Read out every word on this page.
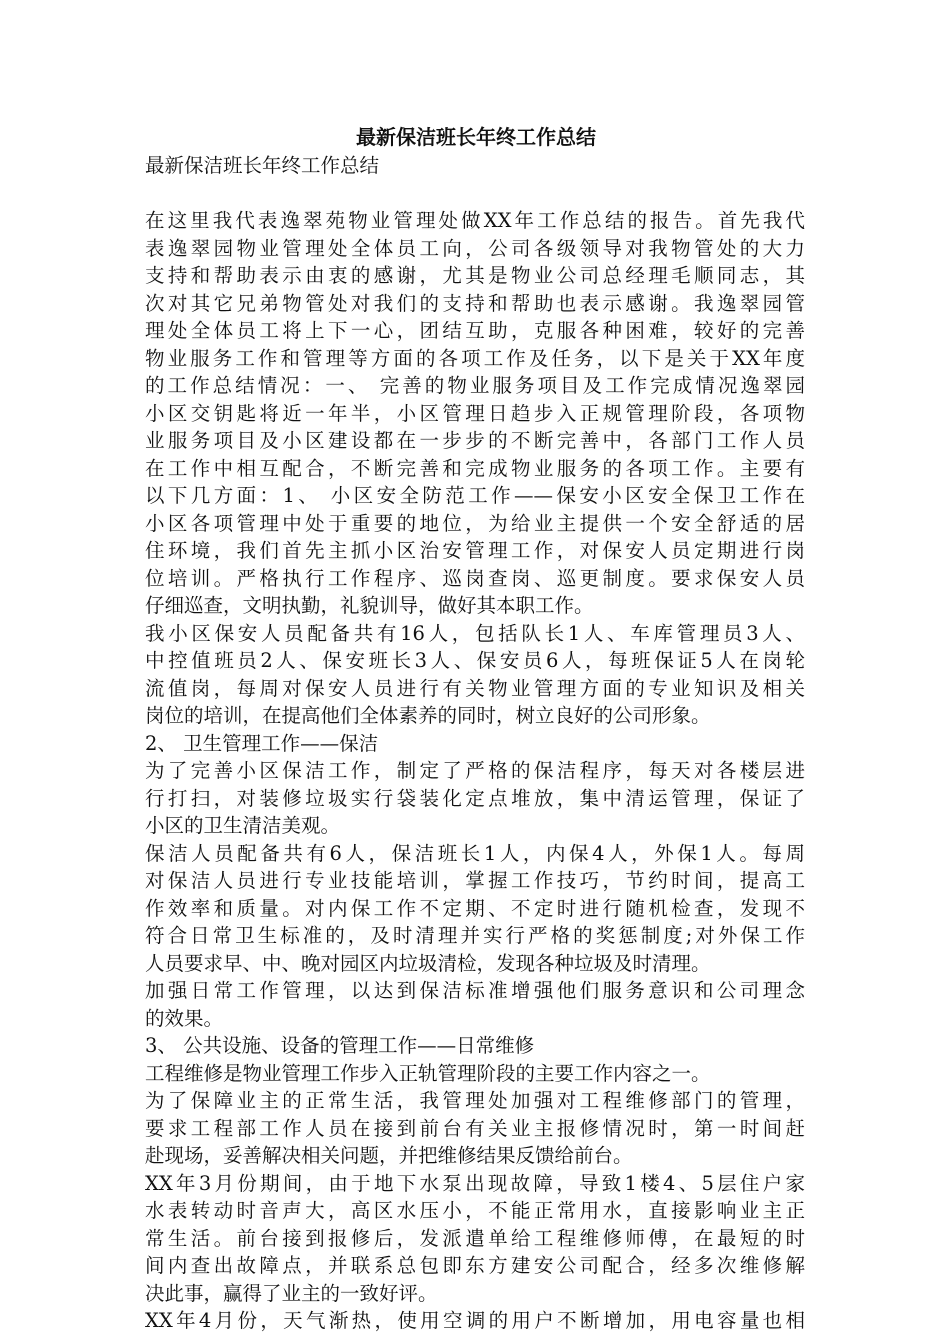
最新保洁班长年终工作总结
最新保洁班长年终工作总结
在这里我代表逸翠苑物业管理处做XX年工作总结的报告。首先我代
表逸翠园物业管理处全体员工向，公司各级领导对我物管处的大力
支持和帮助表示由衷的感谢，尤其是物业公司总经理毛顺同志，其
次对其它兄弟物管处对我们的支持和帮助也表示感谢。我逸翠园管
理处全体员工将上下一心，团结互助，克服各种困难，较好的完善
物业服务工作和管理等方面的各项工作及任务，以下是关于XX年度
的工作总结情况：一、 完善的物业服务项目及工作完成情况逸翠园
小区交钥匙将近一年半，小区管理日趋步入正规管理阶段，各项物
业服务项目及小区建设都在一步步的不断完善中，各部门工作人员
在工作中相互配合，不断完善和完成物业服务的各项工作。主要有
以下几方面：1、 小区安全防范工作——保安小区安全保卫工作在
小区各项管理中处于重要的地位，为给业主提供一个安全舒适的居
住环境，我们首先主抓小区治安管理工作，对保安人员定期进行岗
位培训。严格执行工作程序、巡岗查岗、巡更制度。要求保安人员
仔细巡查，文明执勤，礼貌训导，做好其本职工作。
我小区保安人员配备共有16人，包括队长1人、车库管理员3人、
中控值班员2人、保安班长3人、保安员6人，每班保证5人在岗轮
流值岗，每周对保安人员进行有关物业管理方面的专业知识及相关
岗位的培训，在提高他们全体素养的同时，树立良好的公司形象。
2、 卫生管理工作——保洁
为了完善小区保洁工作，制定了严格的保洁程序，每天对各楼层进
行打扫，对装修垃圾实行袋装化定点堆放，集中清运管理，保证了
小区的卫生清洁美观。
保洁人员配备共有6人，保洁班长1人，内保4人，外保1人。每周
对保洁人员进行专业技能培训，掌握工作技巧，节约时间，提高工
作效率和质量。对内保工作不定期、不定时进行随机检查，发现不
符合日常卫生标准的，及时清理并实行严格的奖惩制度;对外保工作
人员要求早、中、晚对园区内垃圾清检，发现各种垃圾及时清理。
加强日常工作管理，以达到保洁标准增强他们服务意识和公司理念
的效果。
3、 公共设施、设备的管理工作——日常维修
工程维修是物业管理工作步入正轨管理阶段的主要工作内容之一。
为了保障业主的正常生活，我管理处加强对工程维修部门的管理，
要求工程部工作人员在接到前台有关业主报修情况时，第一时间赶
赴现场，妥善解决相关问题，并把维修结果反馈给前台。
XX年3月份期间，由于地下水泵出现故障，导致1楼4、5层住户家
水表转动时音声大，高区水压小，不能正常用水，直接影响业主正
常生活。前台接到报修后，发派遣单给工程维修师傅，在最短的时
间内查出故障点，并联系总包即东方建安公司配合，经多次维修解
决此事，赢得了业主的一致好评。
XX年4月份，天气渐热，使用空调的用户不断增加，用电容量也相
